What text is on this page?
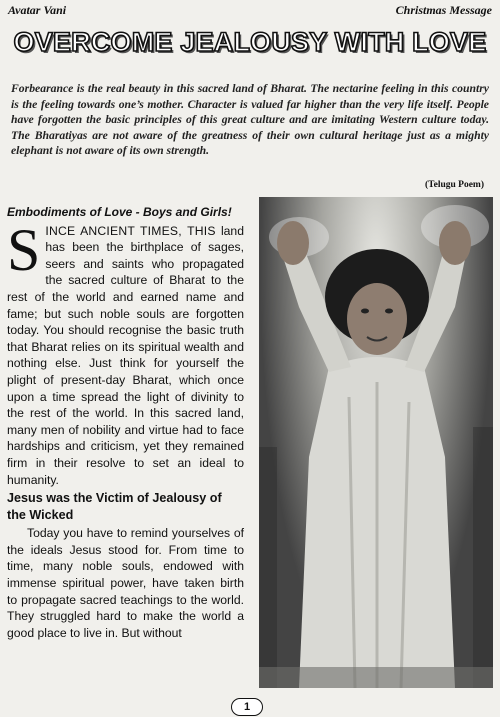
Avatar Vani	Christmas Message
OVERCOME JEALOUSY WITH LOVE

Forbearance is the real beauty in this sacred land of Bharat. The nectarine feeling in this country is the feeling towards one’s mother. Character is valued far higher than the very life itself. People have forgotten the basic principles of this great culture and are imitating Western culture today. The Bharatiyas are not aware of the greatness of their own cultural heritage just as a mighty elephant is not aware of its own strength.

(Telugu Poem)
Embodiments of Love - Boys and Girls!

SINCE ANCIENT TIMES, THIS land has been the birthplace of sages, seers and saints who propagated the sacred culture of Bharat to the rest of the world and earned name and fame; but such noble souls are forgotten today. You should recognise the basic truth that Bharat relies on its spiritual wealth and nothing else. Just think for yourself the plight of present-day Bharat, which once upon a time spread the light of divinity to the rest of the world. In this sacred land, many men of nobility and virtue had to face hardships and criticism, yet they remained firm in their resolve to set an ideal to humanity.

Jesus was the Victim of Jealousy of the Wicked

Today you have to remind yourselves of the ideals Jesus stood for. From time to time, many noble souls, endowed with immense spiritual power, have taken birth to propagate sacred teachings to the world. They struggled hard to make the world a good place to live in. But without

1
